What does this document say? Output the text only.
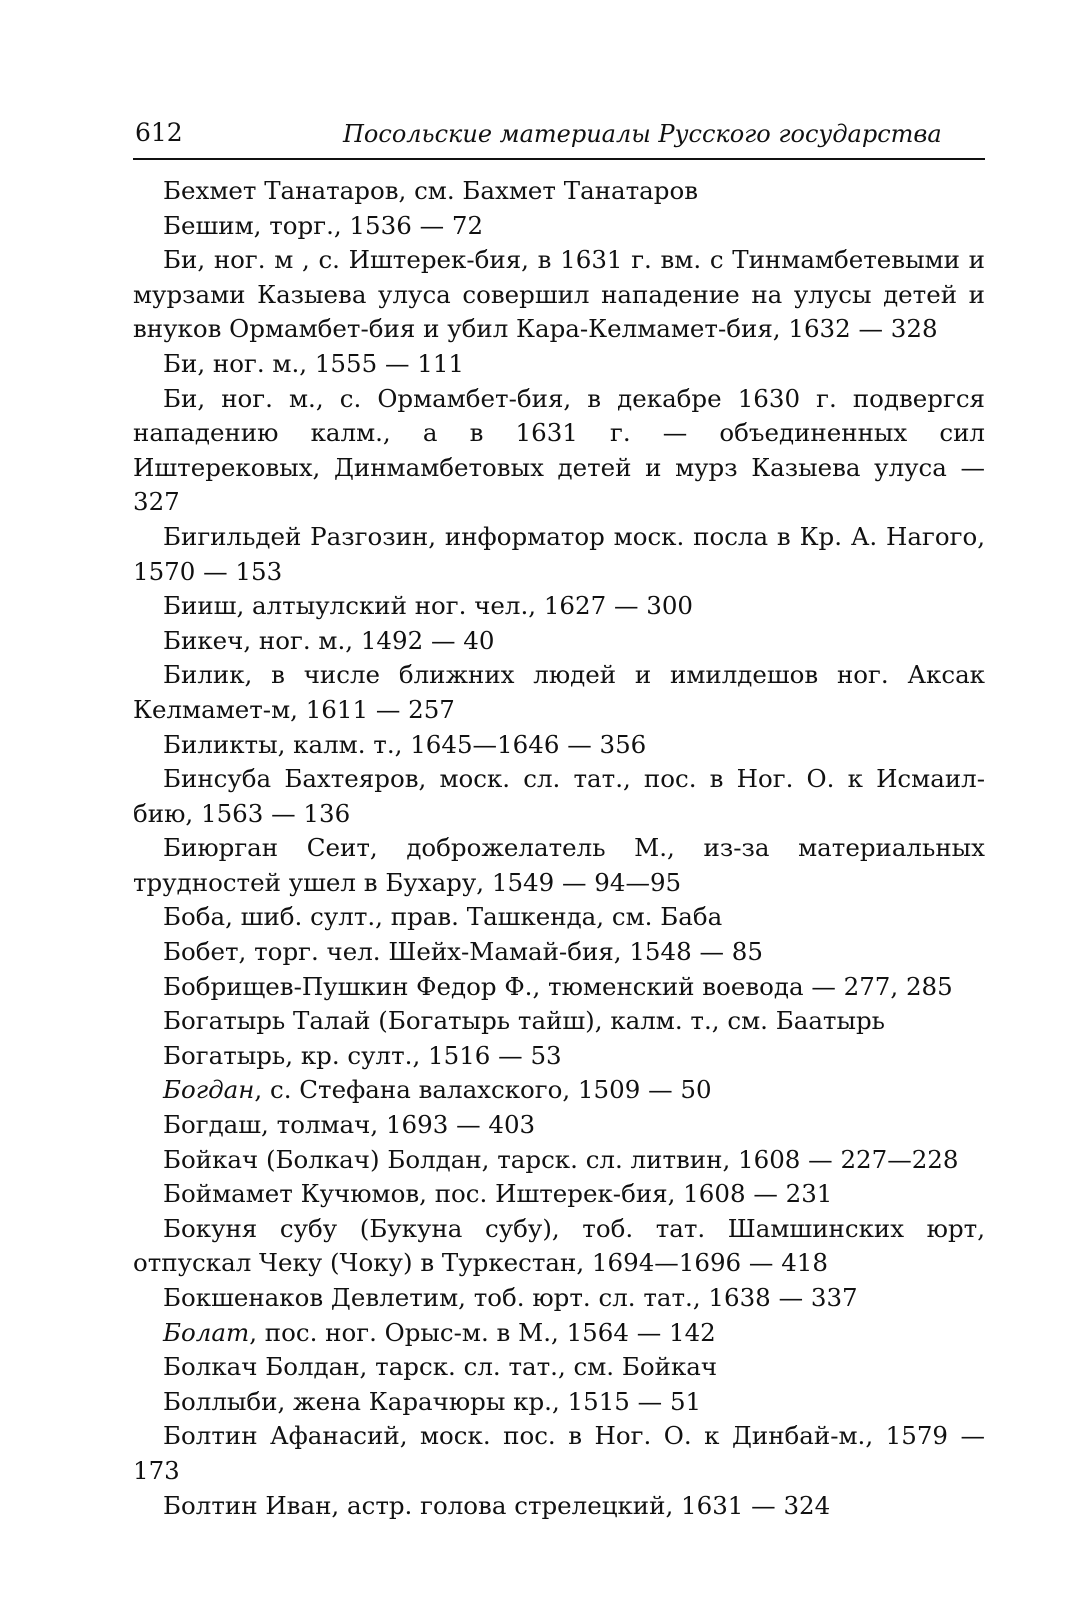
612	Посольские материалы Русского государства

Бехмет Танатаров, см. Бахмет Танатаров

Бешим, торг., 1536 — 72

Би, ног. м , с. Иштерек-бия, в 1631 г. вм. с Тинмамбетевыми и мурзами Казыева улуса совершил нападение на улусы детей и внуков Ормамбет-бия и убил Кара-Келмамет-бия, 1632 — 328

Би, ног. м., 1555 — 111

Би, ног. м., с. Ормамбет-бия, в декабре 1630 г. подвергся нападению калм., а в 1631 г. — объединенных сил Иштерековых, Динмамбетовых детей и мурз Казыева улуса — 327

Бигильдей Разгозин, информатор моск. посла в Кр. А. Нагого, 1570 — 153

Бииш, алтыулский ног. чел., 1627 — 300

Бикеч, ног. м., 1492 — 40

Билик, в числе ближних людей и имилдешов ног. Аксак Келмамет-м, 1611 — 257

Биликты, калм. т., 1645—1646 — 356

Бинсуба Бахтеяров, моск. сл. тат., пос. в Ног. О. к Исмаил-бию, 1563 — 136

Биюрган Сеит, доброжелатель М., из-за материальных трудностей ушел в Бухару, 1549 — 94—95

Боба, шиб. султ., прав. Ташкенда, см. Баба

Бобет, торг. чел. Шейх-Мамай-бия, 1548 — 85

Бобрищев-Пушкин Федор Ф., тюменский воевода — 277, 285

Богатырь Талай (Богатырь тайш), калм. т., см. Баатырь

Богатырь, кр. султ., 1516 — 53

Богдан, с. Стефана валахского, 1509 — 50

Богдаш, толмач, 1693 — 403

Бойкач (Болкач) Болдан, тарск. сл. литвин, 1608 — 227—228

Боймамет Кучюмов, пос. Иштерек-бия, 1608 — 231

Бокуня субу (Букуна субу), тоб. тат. Шамшинских юрт, отпускал Чеку (Чоку) в Туркестан, 1694—1696 — 418

Бокшенаков Девлетим, тоб. юрт. сл. тат., 1638 — 337

Болат, пос. ног. Орыс-м. в М., 1564 — 142

Болкач Болдан, тарск. сл. тат., см. Бойкач

Боллыби, жена Карачюры кр., 1515 — 51

Болтин Афанасий, моск. пос. в Ног. О. к Динбай-м., 1579 — 173

Болтин Иван, астр. голова стрелецкий, 1631 — 324
